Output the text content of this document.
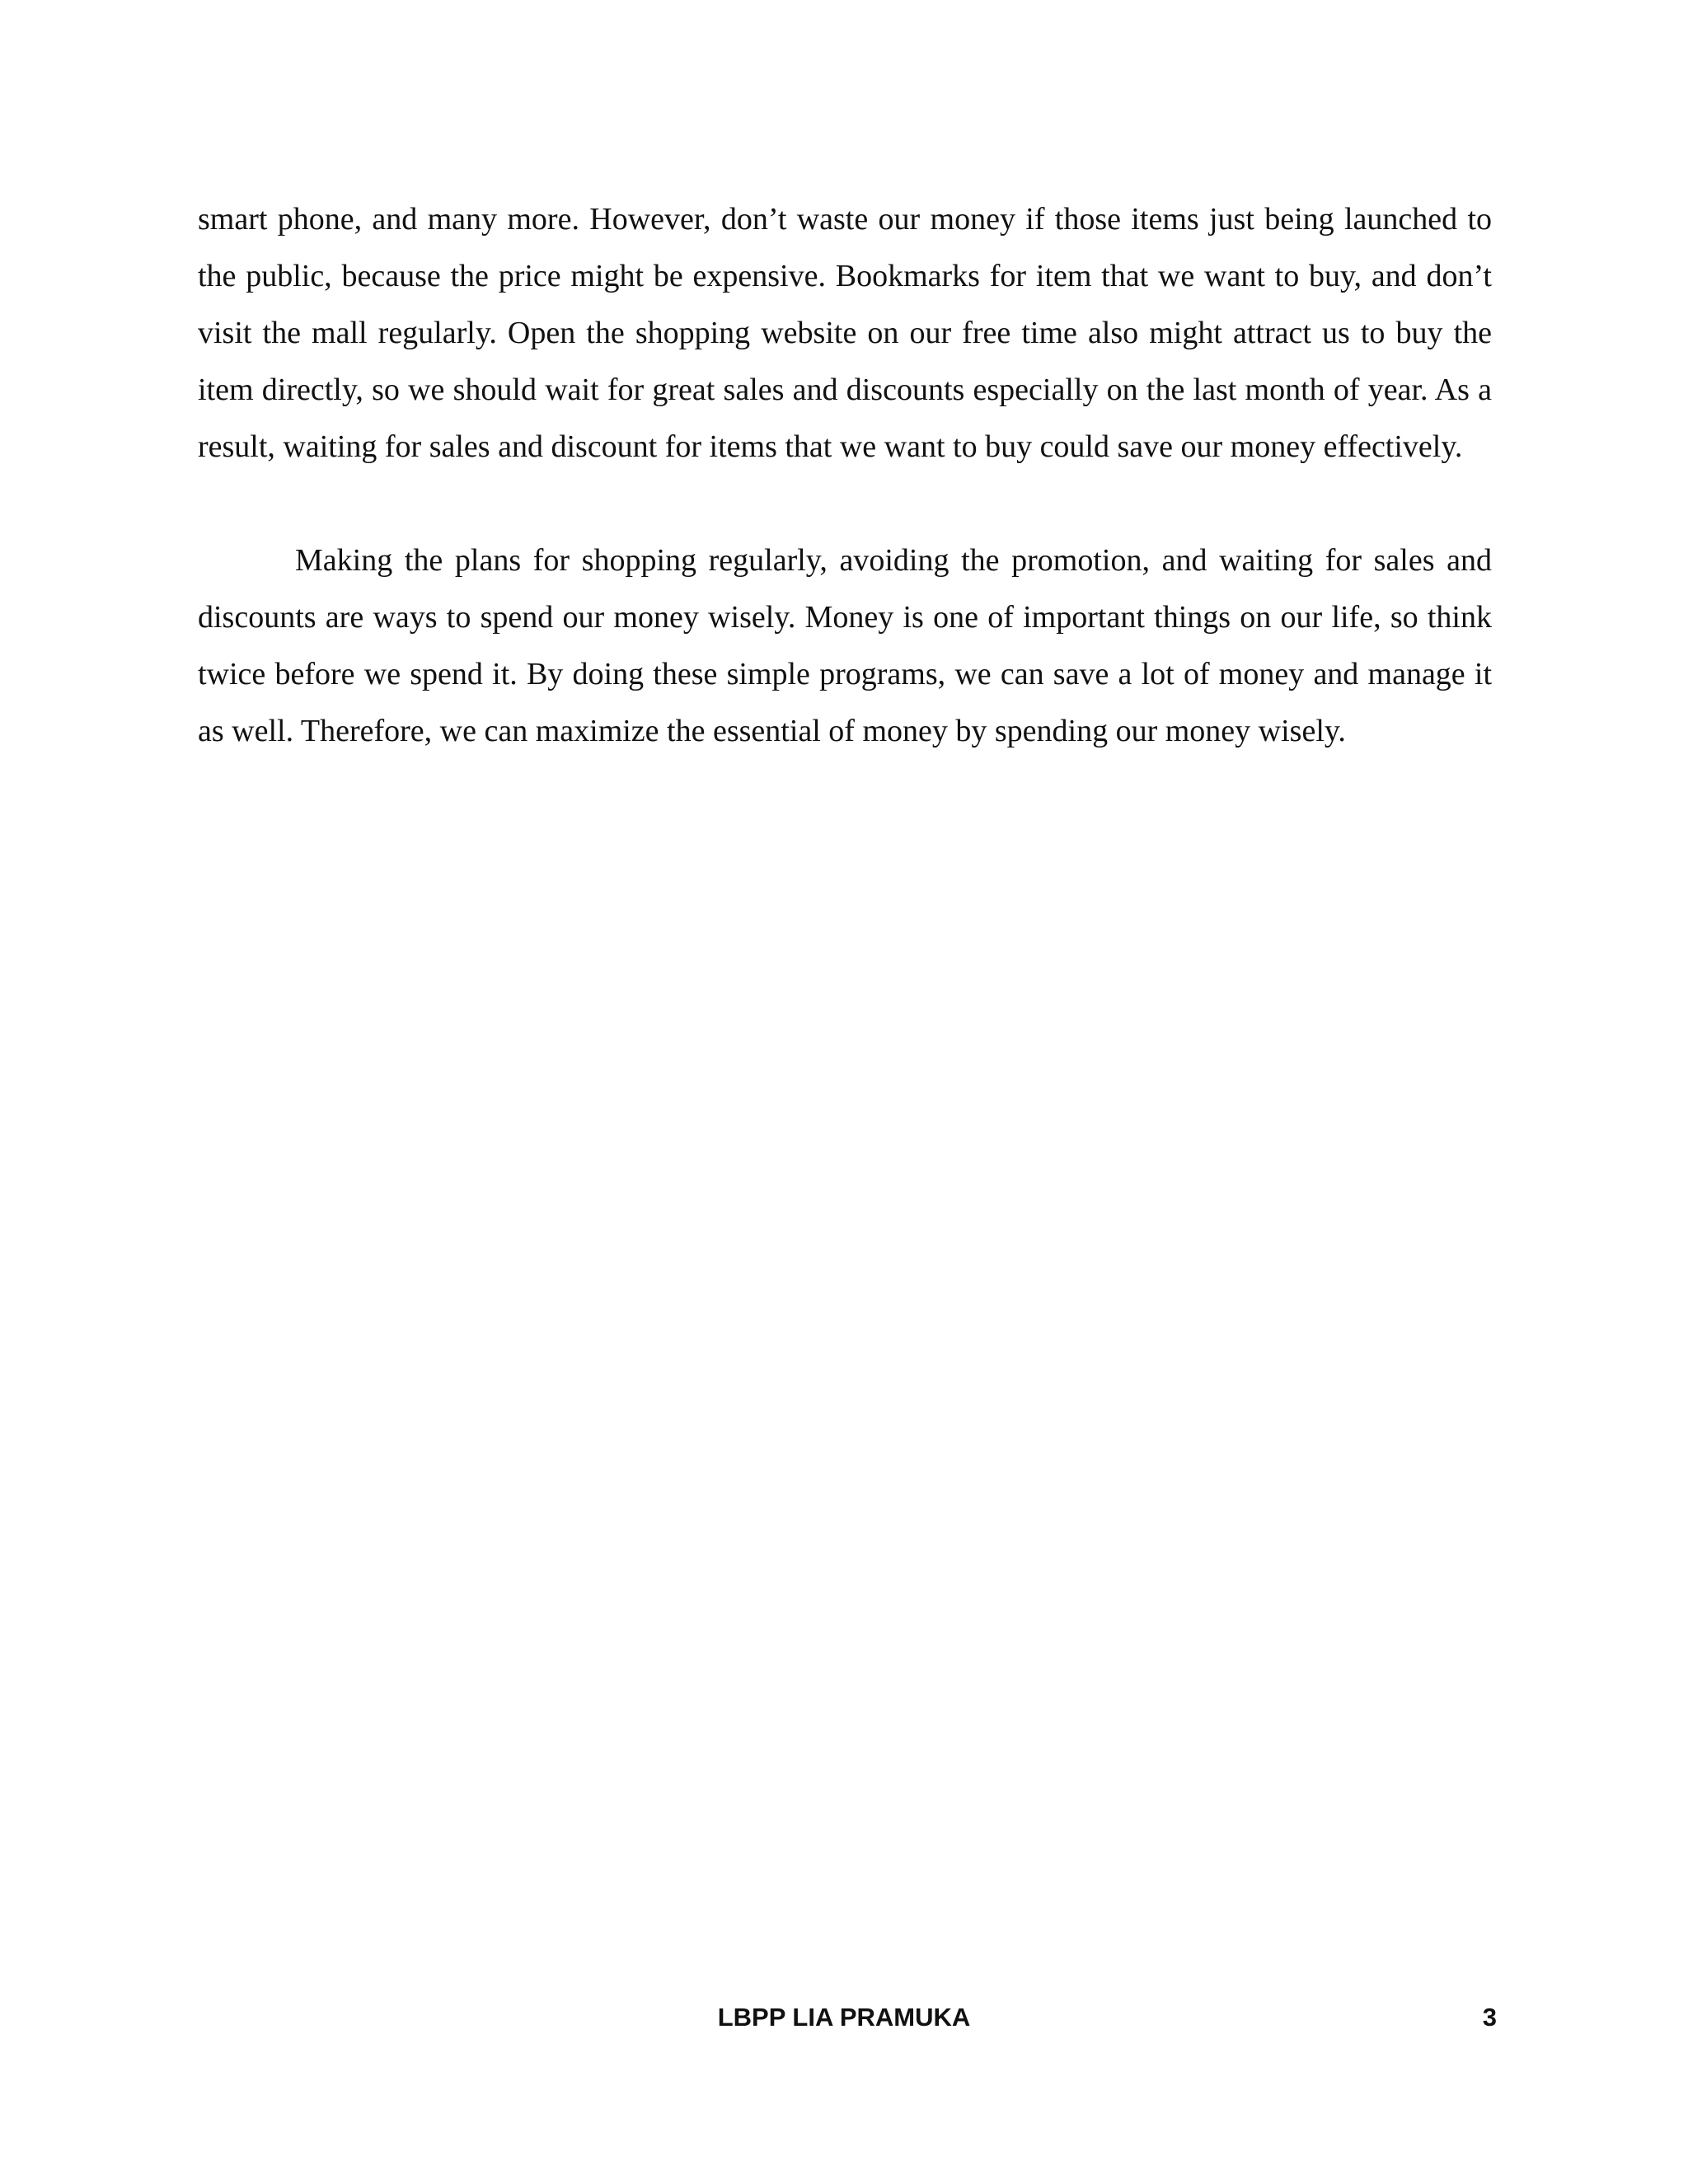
smart phone, and many more. However, don’t waste our money if those items just being launched to the public, because the price might be expensive. Bookmarks for item that we want to buy, and don’t visit the mall regularly. Open the shopping website on our free time also might attract us to buy the item directly, so we should wait for great sales and discounts especially on the last month of year. As a result, waiting for sales and discount for items that we want to buy could save our money effectively.

Making the plans for shopping regularly, avoiding the promotion, and waiting for sales and discounts are ways to spend our money wisely. Money is one of important things on our life, so think twice before we spend it. By doing these simple programs, we can save a lot of money and manage it as well. Therefore, we can maximize the essential of money by spending our money wisely.

LBPP LIA PRAMUKA	3
